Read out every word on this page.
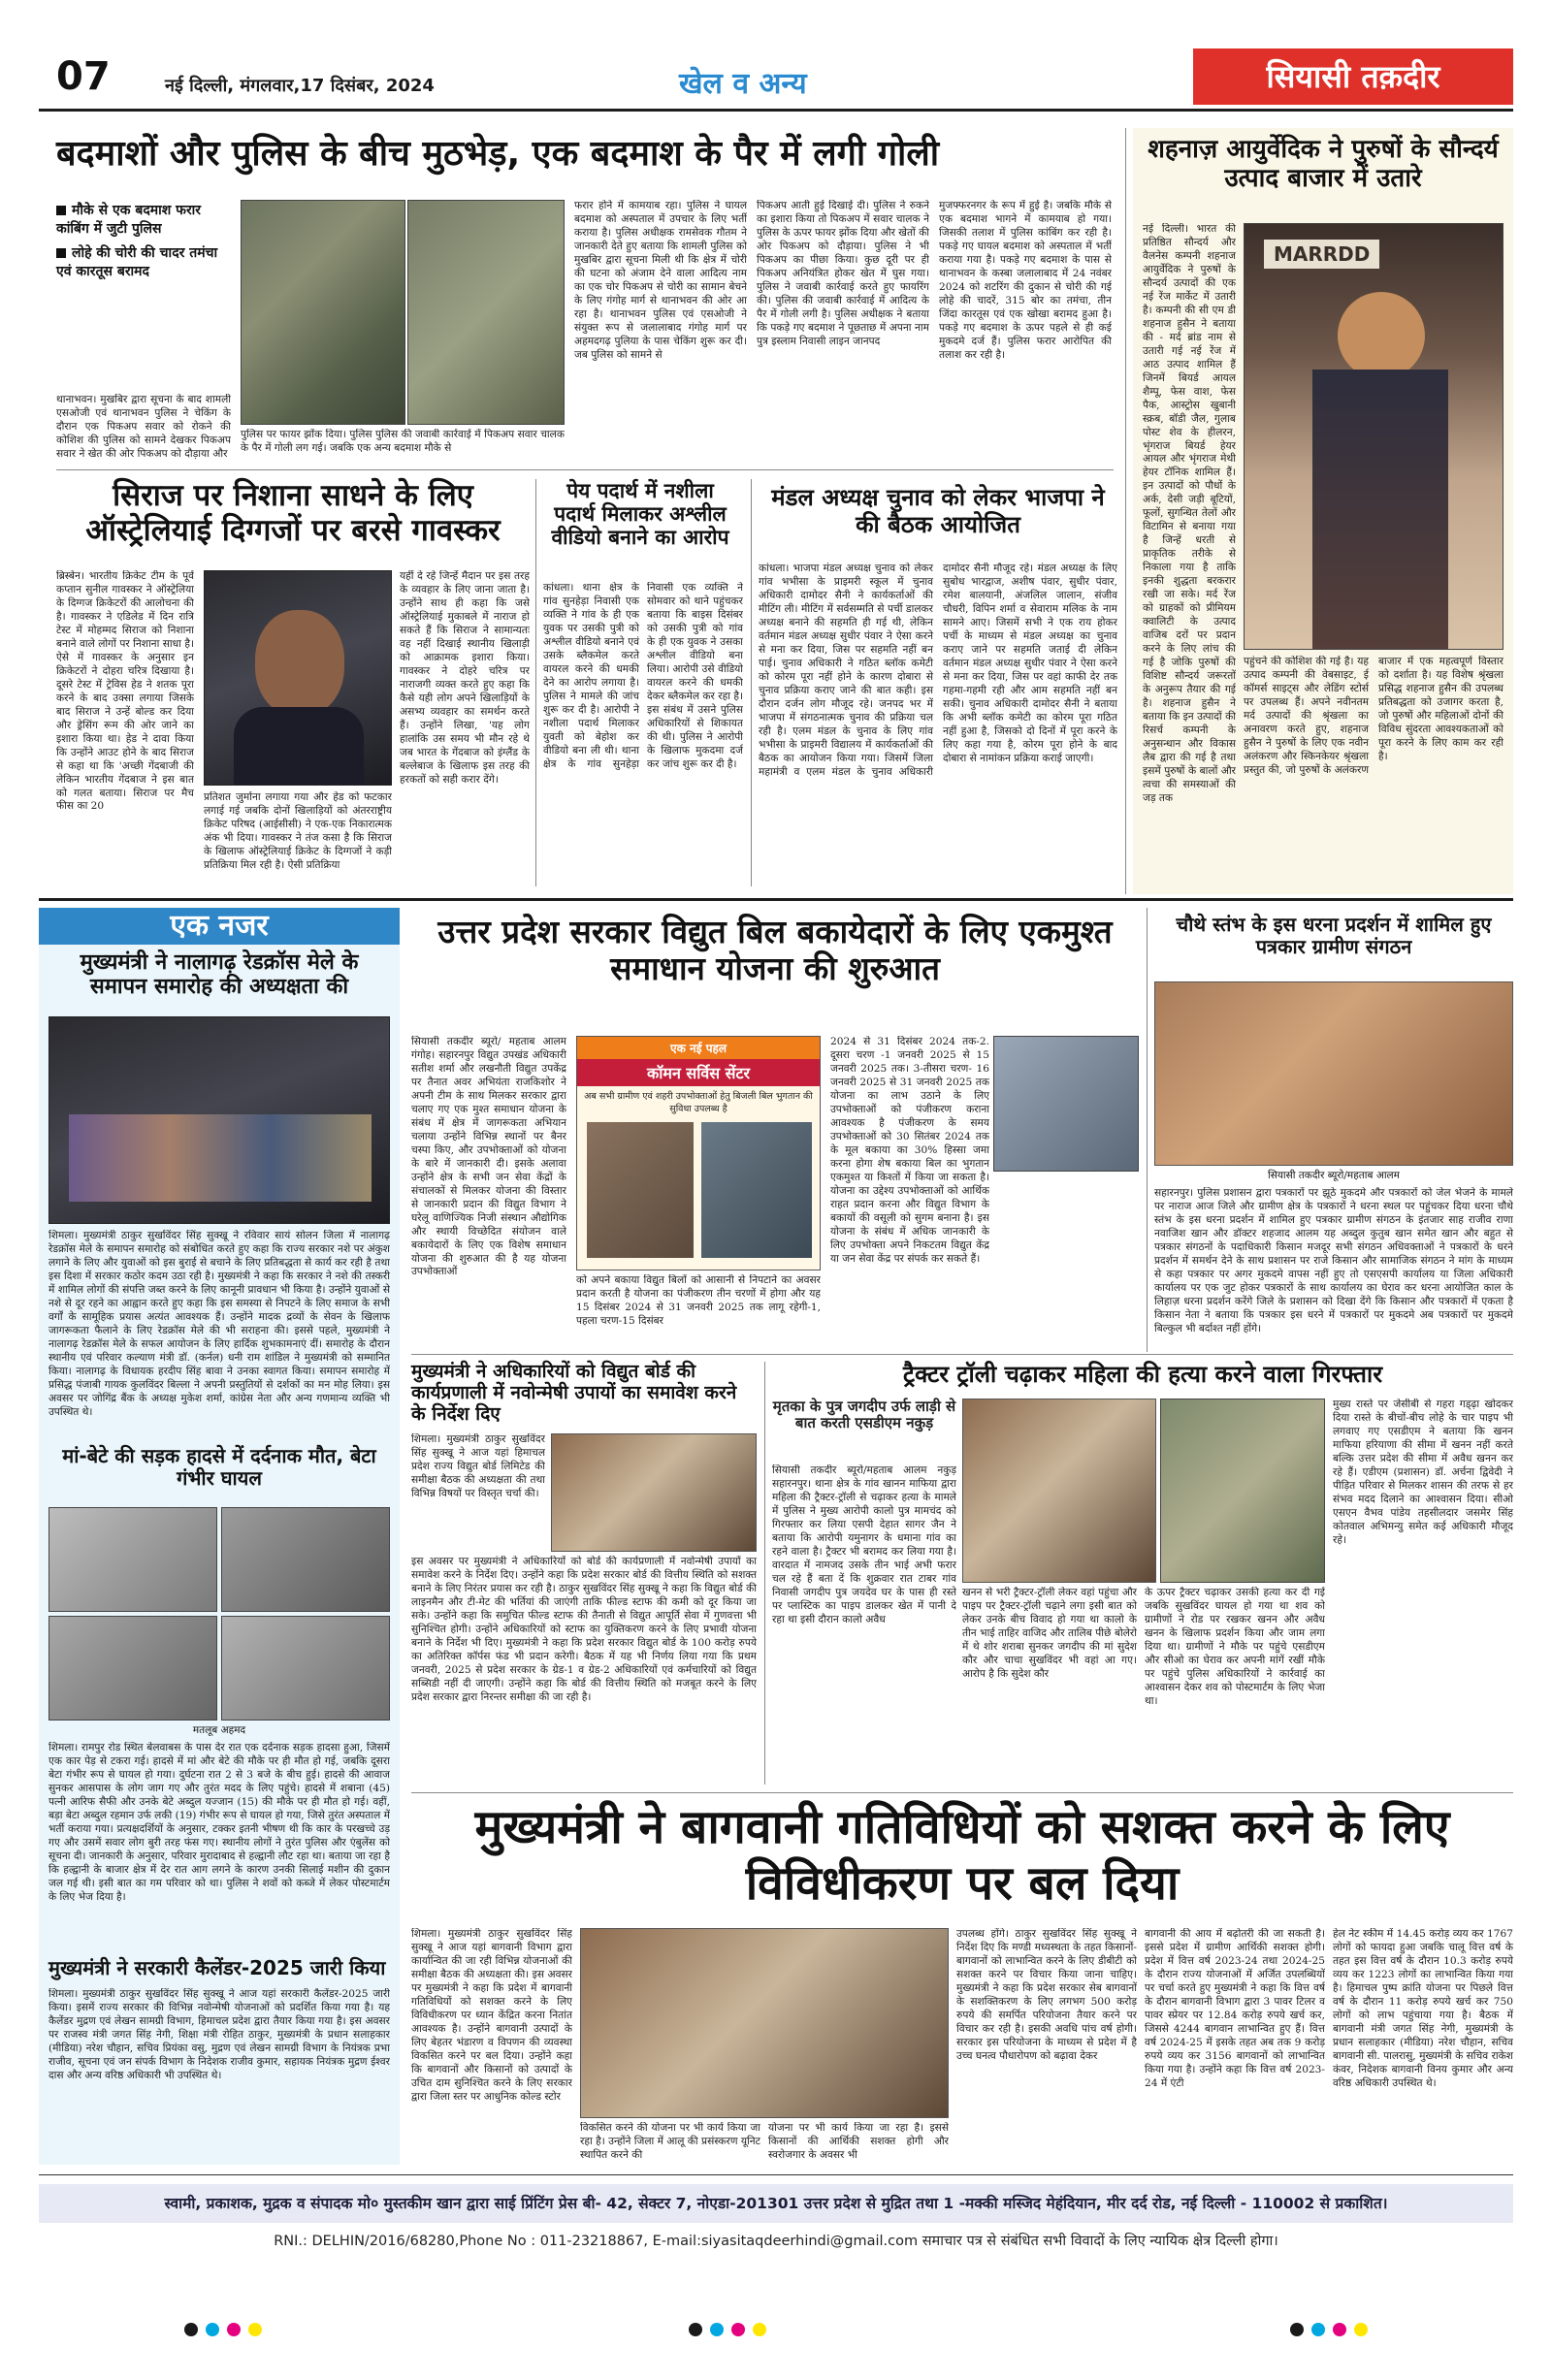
07	नई दिल्ली, मंगलवार,17 दिसंबर, 2024	खेल व अन्य	सियासी तक़दीर
बदमाशों और पुलिस के बीच मुठभेड़, एक बदमाश के पैर में लगी गोली
मौके से एक बदमाश फरार कांबिंग में जुटी पुलिस
लोहे की चोरी की चादर तमंचा एवं कारतूस बरामद
थानाभवन। मुखबिर द्वारा सूचना के बाद शामली एसओजी एवं थानाभवन पुलिस ने चेकिंग के दौरान एक पिकअप सवार को रोकने की कोशिश की पुलिस को सामने देखकर पिकअप सवार ने खेत की ओर पिकअप को दौड़ाया और
पुलिस पर फायर झोंक दिया। पुलिस पुलिस की जवाबी कार्रवाई में पिकअप सवार चालक के पैर में गोली लग गई। जबकि एक अन्य बदमाश मौके से
फरार होने में कामयाब रहा। पुलिस ने घायल बदमाश को अस्पताल में उपचार के लिए भर्ती कराया है। पुलिस अधीक्षक रामसेवक गौतम ने जानकारी देते हुए बताया कि शामली पुलिस को मुखबिर द्वारा सूचना मिली थी कि क्षेत्र में चोरी की घटना को अंजाम देने वाला आदित्य नाम का एक चोर पिकअप से चोरी का सामान बेचने के लिए गंगोह मार्ग से थानाभवन की ओर आ रहा है। थानाभवन पुलिस एवं एसओजी ने संयुक्त रूप से जलालाबाद गंगोह मार्ग पर अहमदगढ़ पुलिया के पास चेकिंग शुरू कर दी। जब पुलिस को सामने से
पिकअप आती हुई दिखाई दी। पुलिस ने रुकने का इशारा किया तो पिकअप में सवार चालक ने पुलिस के ऊपर फायर झोंक दिया और खेतों की ओर पिकअप को दौड़ाया। पुलिस ने भी पिकअप का पीछा किया। कुछ दूरी पर ही पिकअप अनियंत्रित होकर खेत में घुस गया। पुलिस ने जवाबी कार्रवाई करते हुए फायरिंग की। पुलिस की जवाबी कार्रवाई में आदित्य के पैर में गोली लगी है। पुलिस अधीक्षक ने बताया कि पकड़े गए बदमाश ने पूछताछ में अपना नाम पुत्र इस्लाम निवासी लाइन जानपद
मुजफ्फरनगर के रूप में हुई है। जबकि मौके से एक बदमाश भागने में कामयाब हो गया। जिसकी तलाश में पुलिस कांबिंग कर रही है। पकड़े गए घायल बदमाश को अस्पताल में भर्ती कराया गया है। पकड़े गए बदमाश के पास से थानाभवन के कस्बा जलालाबाद में 24 नवंबर 2024 को शटरिंग की दुकान से चोरी की गई लोहे की चादरें, 315 बोर का तमंचा, तीन जिंदा कारतूस एवं एक खोखा बरामद हुआ है। पकड़े गए बदमाश के ऊपर पहले से ही कई मुकदमे दर्ज हैं। पुलिस फरार आरोपित की तलाश कर रही है।
शहनाज़ आयुर्वेदिक ने पुरुषों के सौन्दर्य उत्पाद बाजार में उतारे
नई दिल्ली। भारत की प्रतिष्ठित सौन्दर्य और वैलनेस कम्पनी शहनाज आयुर्वेदिक ने पुरुषों के सौन्दर्य उत्पादों की एक नई रेंज मार्केट में उतारी है। कम्पनी की सी एम डी शहनाज हुसैन ने बताया की - मर्द ब्रांड नाम से उतारी गई नई रेंज में आठ उत्पाद शामिल हैं जिनमें बियर्ड आयल शैम्पू, फेस वाश, फेस पैक, आस्ट्रोस खुबानी स्क्रब, बॉडी जैल, गुलाब पोस्ट शेव के हीलरन, भृंगराज बियर्ड हेयर आयल और भृंगराज मेथी हेयर टॉनिक शामिल हैं। इन उत्पादों को पौधों के अर्क, देसी जड़ी बूटियों, फूलों, सुगन्धित तेलों और विटामिन से बनाया गया है जिन्हें धरती से प्राकृतिक तरीके से निकाला गया है ताकि इनकी शुद्धता बरकरार रखी जा सके। मर्द रेंज को ग्राहकों को प्रीमियम क्वालिटी के उत्पाद वाजिब दरों पर प्रदान करने के लिए लांच की गई है जोकि पुरुषों की विशिष्ट सौन्दर्य जरूरतों के अनुरूप तैयार की गई है। शहनाज हुसैन ने बताया कि इन उत्पादों की रिसर्च कम्पनी के अनुसन्धान और विकास लैब द्वारा की गई है तथा इसमें पुरुषों के बालों और त्वचा की समस्याओं की जड़ तक
MARRDD
पहुंचने की कोशिश की गई है। यह उत्पाद कम्पनी की वेबसाइट, ई कॉमर्स साइट्स और लेडिंग स्टोर्स पर उपलब्ध हैं। अपने नवीनतम मर्द उत्पादों की श्रृंखला का अनावरण करते हुए, शहनाज हुसैन ने पुरुषों के लिए एक नवीन अलंकरण और स्किनकेयर श्रृंखला प्रस्तुत की, जो पुरुषों के अलंकरण बाजार में एक महत्वपूर्ण विस्तार को दर्शाता है। यह विशेष श्रृंखला प्रसिद्ध शहनाज हुसैन की उपलब्ध प्रतिबद्धता को उजागर करता है, जो पुरुषों और महिलाओं दोनों की विविध सुंदरता आवश्यकताओं को पूरा करने के लिए काम कर रही है।
सिराज पर निशाना साधने के लिए ऑस्ट्रेलियाई दिग्गजों पर बरसे गावस्कर
ब्रिस्बेन। भारतीय क्रिकेट टीम के पूर्व कप्तान सुनील गावस्कर ने ऑस्ट्रेलिया के दिग्गज क्रिकेटरों की आलोचना की है। गावस्कर ने एडिलेड में दिन रात्रि टेस्ट में मोहम्मद सिराज को निशाना बनाने वाले लोगों पर निशाना साधा है। ऐसे में गावस्कर के अनुसार इन क्रिकेटरों ने दोहरा चरित्र दिखाया है। दूसरे टेस्ट में ट्रेविस हेड ने शतक पूरा करने के बाद उक्सा लगाया जिसके बाद सिराज ने उन्हें बोल्ड कर दिया और ड्रेसिंग रूम की ओर जाने का इशारा किया था। हेड ने दावा किया कि उन्होंने आउट होने के बाद सिराज से कहा था कि 'अच्छी गेंदबाजी की लेकिन भारतीय गेंदबाज ने इस बात को गलत बताया। सिराज पर मैच फीस का 20
प्रतिशत जुर्माना लगाया गया और हेड को फटकार लगाई गई जबकि दोनों खिलाड़ियों को अंतरराष्ट्रीय क्रिकेट परिषद (आईसीसी) ने एक-एक निकारात्मक अंक भी दिया। गावस्कर ने तंज कसा है कि सिराज के खिलाफ ऑस्ट्रेलियाई क्रिकेट के दिग्गजों ने कड़ी प्रतिक्रिया मिल रही है। ऐसी प्रतिक्रिया
यहीं दे रहे जिन्हें मैदान पर इस तरह के व्यवहार के लिए जाना जाता है। उन्होंने साथ ही कहा कि जसे ऑस्ट्रेलियाई मुकाबले में नाराज हो सकते हैं कि सिराज ने सामान्यतः वह नहीं दिखाई स्थानीय खिलाड़ी को आक्रामक इशारा किया। गावस्कर ने दोहरे चरित्र पर नाराजगी व्यक्त करते हुए कहा कि कैसे यही लोग अपने खिलाड़ियों के असभ्य व्यवहार का समर्थन करते हैं। उन्होंने लिखा, 'यह लोग हालांकि उस समय भी मौन रहे थे जब भारत के गेंदबाज को इंग्लैंड के बल्लेबाज के खिलाफ इस तरह की हरकतों को सही करार देंगे।
पेय पदार्थ में नशीला पदार्थ मिलाकर अश्लील वीडियो बनाने का आरोप
कांधला। थाना क्षेत्र के गांव सुनहेड़ा निवासी एक व्यक्ति ने गांव के ही एक युवक पर उसकी पुत्री को अश्लील वीडियो बनाने एवं उसके ब्लैकमेल करते वायरल करने की धमकी देने का आरोप लगाया है। पुलिस ने मामले की जांच शुरू कर दी है। आरोपी ने नशीला पदार्थ मिलाकर युवती को बेहोश कर वीडियो बना ली थी। थाना क्षेत्र के गांव सुनहेड़ा निवासी एक व्यक्ति ने सोमवार को थाने पहुंचकर बताया कि बाइस दिसंबर को उसकी पुत्री को गांव के ही एक युवक ने उसका अश्लील वीडियो बना लिया। आरोपी उसे वीडियो वायरल करने की धमकी देकर ब्लैकमेल कर रहा है। इस संबंध में उसने पुलिस अधिकारियों से शिकायत की थी। पुलिस ने आरोपी के खिलाफ मुकदमा दर्ज कर जांच शुरू कर दी है।
मंडल अध्यक्ष चुनाव को लेकर भाजपा ने की बैठक आयोजित
कांधला। भाजपा मंडल अध्यक्ष चुनाव को लेकर गांव भभीसा के प्राइमरी स्कूल में चुनाव अधिकारी दामोदर सैनी ने कार्यकर्ताओं की मीटिंग ली। मीटिंग में सर्वसम्मति से पर्ची डालकर अध्यक्ष बनाने की सहमति ही गई थी, लेकिन वर्तमान मंडल अध्यक्ष सुधीर पंवार ने ऐसा करने से मना कर दिया, जिस पर सहमति नहीं बन पाई। चुनाव अधिकारी ने गठित ब्लॉक कमेटी को कोरम पूरा नहीं होने के कारण दोबारा से चुनाव प्रक्रिया कराए जाने की बात कही। इस दौरान दर्जन लोग मौजूद रहे। जनपद भर में भाजपा में संगठनात्मक चुनाव की प्रक्रिया चल रही है। एलम मंडल के चुनाव के लिए गांव भभीसा के प्राइमरी विद्यालय में कार्यकर्ताओं की बैठक का आयोजन किया गया। जिसमें जिला महामंत्री व एलम मंडल के चुनाव अधिकारी दामोदर सैनी मौजूद रहे। मंडल अध्यक्ष के लिए सुबोध भारद्वाज, अशीष पंवार, सुधीर पंवार, रमेश बालयानी, अंजलिल जालान, संजीव चौधरी, विपिन शर्मा व सेवाराम मलिक के नाम सामने आए। जिसमें सभी ने एक राय होकर पर्ची के माध्यम से मंडल अध्यक्ष का चुनाव कराए जाने पर सहमति जताई दी लेकिन वर्तमान मंडल अध्यक्ष सुधीर पंवार ने ऐसा करने से मना कर दिया, जिस पर वहां काफी देर तक गहमा-गहमी रही और आम सहमति नहीं बन सकी। चुनाव अधिकारी दामोदर सैनी ने बताया कि अभी ब्लॉक कमेटी का कोरम पूरा गठित नहीं हुआ है, जिसको दो दिनों में पूरा करने के लिए कहा गया है, कोरम पूरा होने के बाद दोबारा से नामांकन प्रक्रिया कराई जाएगी।
एक नजर
मुख्यमंत्री ने नालागढ़ रेडक्रॉस मेले के समापन समारोह की अध्यक्षता की
शिमला। मुख्यमंत्री ठाकुर सुखविंदर सिंह सुक्खू ने रविवार सायं सोलन जिला में नालागढ़ रेडक्रॉस मेले के समापन समारोह को संबोधित करते हुए कहा कि राज्य सरकार नशे पर अंकुश लगाने के लिए और युवाओं को इस बुराई से बचाने के लिए प्रतिबद्धता से कार्य कर रही है तथा इस दिशा में सरकार कठोर कदम उठा रही है। मुख्यमंत्री ने कहा कि सरकार ने नशे की तस्करी में शामिल लोगों की संपत्ति जब्त करने के लिए कानूनी प्रावधान भी किया है। उन्होंने युवाओं से नशे से दूर रहने का आह्वान करते हुए कहा कि इस समस्या से निपटने के लिए समाज के सभी वर्गों के सामूहिक प्रयास अत्यंत आवश्यक हैं। उन्होंने मादक द्रव्यों के सेवन के खिलाफ जागरूकता फैलाने के लिए रेडक्रॉस मेले की भी सराहना की। इससे पहले, मुख्यमंत्री ने नालागढ़ रेडक्रॉस मेले के सफल आयोजन के लिए हार्दिक शुभकामनाएं दीं। समारोह के दौरान स्थानीय एवं परिवार कल्याण मंत्री डॉ. (कर्नल) धनी राम शांडिल ने मुख्यमंत्री को सम्मानित किया। नालागढ़ के विधायक हरदीप सिंह बावा ने उनका स्वागत किया। समापन समारोह में प्रसिद्ध पंजाबी गायक कुलविंदर बिल्ला ने अपनी प्रस्तुतियों से दर्शकों का मन मोह लिया। इस अवसर पर जोगिंद्र बैंक के अध्यक्ष मुकेश शर्मा, कांग्रेस नेता और अन्य गणमान्य व्यक्ति भी उपस्थित थे।
मां-बेटे की सड़क हादसे में दर्दनाक मौत, बेटा गंभीर घायल
मतलूब अहमद
शिमला। रामपुर रोड स्थित बेलवाबस के पास देर रात एक दर्दनाक सड़क हादसा हुआ, जिसमें एक कार पेड़ से टकरा गई। हादसे में मां और बेटे की मौके पर ही मौत हो गई, जबकि दूसरा बेटा गंभीर रूप से घायल हो गया। दुर्घटना रात 2 से 3 बजे के बीच हुई। हादसे की आवाज सुनकर आसपास के लोग जाग गए और तुरंत मदद के लिए पहुंचे। हादसे में शबाना (45) पत्नी आरिफ सैफी और उनके बेटे अब्दुल यज्जान (15) की मौके पर ही मौत हो गई। वहीं, बड़ा बेटा अब्दुल रहमान उर्फ लकी (19) गंभीर रूप से घायल हो गया, जिसे तुरंत अस्पताल में भर्ती कराया गया। प्रत्यक्षदर्शियों के अनुसार, टक्कर इतनी भीषण थी कि कार के परखच्चे उड़ गए और उसमें सवार लोग बुरी तरह फंस गए। स्थानीय लोगों ने तुरंत पुलिस और एंबुलेंस को सूचना दी। जानकारी के अनुसार, परिवार मुरादाबाद से हल्द्वानी लौट रहा था। बताया जा रहा है कि हल्द्वानी के बाजार क्षेत्र में देर रात आग लगने के कारण उनकी सिलाई मशीन की दुकान जल गई थी। इसी बात का गम परिवार को था। पुलिस ने शवों को कब्जे में लेकर पोस्टमार्टम के लिए भेज दिया है।
मुख्यमंत्री ने सरकारी कैलेंडर-2025 जारी किया
शिमला। मुख्यमंत्री ठाकुर सुखविंदर सिंह सुक्खू ने आज यहां सरकारी कैलेंडर-2025 जारी किया। इसमें राज्य सरकार की विभिन्न नवोन्मेषी योजनाओं को प्रदर्शित किया गया है। यह कैलेंडर मुद्रण एवं लेखन सामग्री विभाग, हिमाचल प्रदेश द्वारा तैयार किया गया है। इस अवसर पर राजस्व मंत्री जगत सिंह नेगी, शिक्षा मंत्री रोहित ठाकुर, मुख्यमंत्री के प्रधान सलाहकार (मीडिया) नरेश चौहान, सचिव प्रियंका वसु, मुद्रण एवं लेखन सामग्री विभाग के नियंत्रक प्रभा राजीव, सूचना एवं जन संपर्क विभाग के निदेशक राजीव कुमार, सहायक नियंत्रक मुद्रण ईश्वर दास और अन्य वरिष्ठ अधिकारी भी उपस्थित थे।
उत्तर प्रदेश सरकार विद्युत बिल बकायेदारों के लिए एकमुश्त समाधान योजना की शुरुआत
सियासी तकदीर ब्यूरो/ महताब आलम गंगोह। सहारनपुर विद्युत उपखंड अधिकारी सतीश शर्मा और लखनौती विद्युत उपकेंद्र पर तैनात अवर अभियंता राजकिशोर ने अपनी टीम के साथ मिलकर सरकार द्वारा चलाए गए एक मुश्त समाधान योजना के संबंध में क्षेत्र में जागरूकता अभियान चलाया उन्होंने विभिन्न स्थानों पर बैनर चस्पा किए, और उपभोक्ताओं को योजना के बारे में जानकारी दी। इसके अलावा उन्होंने क्षेत्र के सभी जन सेवा केंद्रों के संचालकों से मिलकर योजना की विस्तार से जानकारी प्रदान की विद्युत विभाग ने घरेलू वाणिज्यिक निजी संस्थान औद्योगिक और स्थायी विच्छेदित संयोजन वाले बकायेदारों के लिए एक विशेष समाधान योजना की शुरुआत की है यह योजना उपभोक्ताओं
एक नई पहल
कॉमन सर्विस सेंटर
अब सभी ग्रामीण एवं शहरी उपभोक्ताओं हेतु बिजली बिल भुगतान की सुविधा उपलब्ध है
को अपने बकाया विद्युत बिलों को आसानी से निपटाने का अवसर प्रदान करती है योजना का पंजीकरण तीन चरणों में होगा और यह 15 दिसंबर 2024 से 31 जनवरी 2025 तक लागू रहेगी-1, पहला चरण-15 दिसंबर
2024 से 31 दिसंबर 2024 तक-2. दूसरा चरण -1 जनवरी 2025 से 15 जनवरी 2025 तक। 3-तीसरा चरण- 16 जनवरी 2025 से 31 जनवरी 2025 तक योजना का लाभ उठाने के लिए उपभोक्ताओं को पंजीकरण कराना आवश्यक है पंजीकरण के समय उपभोक्ताओं को 30 सितंबर 2024 तक के मूल बकाया का 30% हिस्सा जमा करना होगा शेष बकाया बिल का भुगतान एकमुश्त या किश्तों में किया जा सकता है। योजना का उद्देश्य उपभोक्ताओं को आर्थिक राहत प्रदान करना और विद्युत विभाग के बकायों की वसूली को सुगम बनाना है। इस योजना के संबंध में अधिक जानकारी के लिए उपभोक्ता अपने निकटतम विद्युत केंद्र या जन सेवा केंद्र पर संपर्क कर सकते हैं।
चौथे स्तंभ के इस धरना प्रदर्शन में शामिल हुए पत्रकार ग्रामीण संगठन
सियासी तकदीर ब्यूरो/महताब आलम
सहारनपुर। पुलिस प्रशासन द्वारा पत्रकारों पर झूठे मुकदमे और पत्रकारों को जेल भेजने के मामले पर नाराज आज जिले और ग्रामीण क्षेत्र के पत्रकारों ने धरना स्थल पर पहुंचकर दिया धरना चौथे स्तंभ के इस धरना प्रदर्शन में शामिल हुए पत्रकार ग्रामीण संगठन के इंतजार साह राजीव राणा नवाजिश खान और डॉक्टर शहजाद आलम यह अब्दुल कुतुब खान समेत खान और बहुत से पत्रकार संगठनों के पदाधिकारी किसान मजदूर सभी संगठन अधिवक्ताओं ने पत्रकारों के धरने प्रदर्शन में समर्थन देने के साथ प्रशासन पर राजे किसान और सामाजिक संगठन ने मांग के माध्यम से कहा पत्रकार पर अगर मुकदमे वापस नहीं हुए तो एसएसपी कार्यालय या जिला अधिकारी कार्यालय पर एक जुट होकर पत्रकारों के साथ कार्यालय का घेराव कर धरना आयोजित काल के लिहाज़ धरना प्रदर्शन करेंगे जिले के प्रशासन को दिखा देंगे कि किसान और पत्रकारों में एकता है किसान नेता ने बताया कि पत्रकार इस धरने में पत्रकारों पर मुकदमे अब पत्रकारों पर मुकदमे बिल्कुल भी बर्दाश्त नहीं होंगे।
मुख्यमंत्री ने अधिकारियों को विद्युत बोर्ड की कार्यप्रणाली में नवोन्मेषी उपायों का समावेश करने के निर्देश दिए
शिमला। मुख्यमंत्री ठाकुर सुखविंदर सिंह सुक्खू ने आज यहां हिमाचल प्रदेश राज्य विद्युत बोर्ड लिमिटेड की समीक्षा बैठक की अध्यक्षता की तथा विभिन्न विषयों पर विस्तृत चर्चा की।
इस अवसर पर मुख्यमंत्री ने अधिकारियों को बोर्ड की कार्यप्रणाली में नवोन्मेषी उपायों का समावेश करने के निर्देश दिए। उन्होंने कहा कि प्रदेश सरकार बोर्ड की वित्तीय स्थिति को सशक्त बनाने के लिए निरंतर प्रयास कर रही है। ठाकुर सुखविंदर सिंह सुक्खू ने कहा कि विद्युत बोर्ड की लाइनमैन और टी-मेट की भर्तियां की जाएंगी ताकि फील्ड स्टाफ की कमी को दूर किया जा सके। उन्होंने कहा कि समुचित फील्ड स्टाफ की तैनाती से विद्युत आपूर्ति सेवा में गुणवत्ता भी सुनिश्चित होगी। उन्होंने अधिकारियों को स्टाफ का युक्तिकरण करने के लिए प्रभावी योजना बनाने के निर्देश भी दिए। मुख्यमंत्री ने कहा कि प्रदेश सरकार विद्युत बोर्ड के 100 करोड़ रुपये का अतिरिक्त कॉर्पस फंड भी प्रदान करेगी। बैठक में यह भी निर्णय लिया गया कि प्रथम जनवरी, 2025 से प्रदेश सरकार के ग्रेड-1 व ग्रेड-2 अधिकारियों एवं कर्मचारियों को विद्युत सब्सिडी नहीं दी जाएगी। उन्होंने कहा कि बोर्ड की वित्तीय स्थिति को मजबूत करने के लिए प्रदेश सरकार द्वारा निरन्तर समीक्षा की जा रही है।
ट्रैक्टर ट्रॉली चढ़ाकर महिला की हत्या करने वाला गिरफ्तार
मृतका के पुत्र जगदीप उर्फ लाड़ी से बात करती एसडीएम नकुड़
सियासी तकदीर ब्यूरो/महताब आलम नकुड़ सहारनपुर। थाना क्षेत्र के गांव खानन माफिया द्वारा महिला की ट्रैक्टर-ट्रॉली से चढ़ाकर हत्या के मामले में पुलिस ने मुख्य आरोपी कालो पुत्र मामचंद को गिरफ्तार कर लिया एसपी देहात सागर जैन ने बताया कि आरोपी यमुनागर के धमाना गांव का रहने वाला है। ट्रैक्टर भी बरामद कर लिया गया है। वारदात में नामजद उसके तीन भाई अभी फरार चल रहे हैं बता दें कि शुक्रवार रात टाबर गांव निवासी जगदीप पुत्र जयदेव घर के पास ही रस्ते पर प्लास्टिक का पाइप डालकर खेत में पानी दे रहा था इसी दौरान कालो अवैध
खनन से भरी ट्रैक्टर-ट्रॉली लेकर वहां पहुंचा और पाइप पर ट्रैक्टर-ट्रॉली चढ़ाने लगा इसी बात को लेकर उनके बीच विवाद हो गया था कालो के तीन भाई ताहिर वाजिद और तालिब पीछे बोलेरो में थे शोर शराबा सुनकर जगदीप की मां सुदेश कौर और चाचा सुखविंदर भी वहां आ गए। आरोप है कि सुदेश कौर
के ऊपर ट्रैक्टर चढ़ाकर उसकी हत्या कर दी गई जबकि सुखविंदर घायल हो गया था शव को ग्रामीणों ने रोड पर रखकर खनन और अवैध खनन के खिलाफ प्रदर्शन किया और जाम लगा दिया था। ग्रामीणों ने मौके पर पहुंचे एसडीएम और सीओ का घेराव कर अपनी मांगें रखीं मौके पर पहुंचे पुलिस अधिकारियों ने कार्रवाई का आश्वासन देकर शव को पोस्टमार्टम के लिए भेजा था।
मुख्य रास्ते पर जेसीबी से गहरा गड्ढ़ा खोदकर दिया रास्ते के बीचों-बीच लोहे के चार पाइप भी लगवाए गए एसडीएम ने बताया कि खनन माफिया हरियाणा की सीमा में खनन नहीं करते बल्कि उत्तर प्रदेश की सीमा में अवैध खनन कर रहे हैं। एडीएम (प्रशासन) डॉ. अर्चना द्विवेदी ने पीड़ित परिवार से मिलकर शासन की तरफ से हर संभव मदद दिलाने का आश्वासन दिया। सीओ एसएन वैभव पांडेय तहसीलदार जसमेर सिंह कोतवाल अभिमन्यु समेत कई अधिकारी मौजूद रहे।
मुख्यमंत्री ने बागवानी गतिविधियों को सशक्त करने के लिए विविधीकरण पर बल दिया
शिमला। मुख्यमंत्री ठाकुर सुखविंदर सिंह सुक्खू ने आज यहां बागवानी विभाग द्वारा कार्यान्वित की जा रही विभिन्न योजनाओं की समीक्षा बैठक की अध्यक्षता की। इस अवसर पर मुख्यमंत्री ने कहा कि प्रदेश में बागवानी गतिविधियों को सशक्त करने के लिए विविधीकरण पर ध्यान केंद्रित करना नितांत आवश्यक है। उन्होंने बागवानी उत्पादों के लिए बेहतर भंडारण व विपणन की व्यवस्था विकसित करने पर बल दिया। उन्होंने कहा कि बागवानों और किसानों को उत्पादों के उचित दाम सुनिश्चित करने के लिए सरकार द्वारा जिला स्तर पर आधुनिक कोल्ड स्टोर
विकसित करने की योजना पर भी कार्य किया जा रहा है। उन्होंने जिला में आलू की प्रसंस्करण यूनिट स्थापित करने की
योजना पर भी कार्य किया जा रहा है। इससे किसानों की आर्थिकी सशक्त होगी और स्वरोजगार के अवसर भी
उपलब्ध होंगे। ठाकुर सुखविंदर सिंह सुक्खू ने निर्देश दिए कि मण्डी मध्यस्थता के तहत किसानों-बागवानों को लाभान्वित करने के लिए डीबीटी को सशक्त करने पर विचार किया जाना चाहिए। मुख्यमंत्री ने कहा कि प्रदेश सरकार सेब बागवानों के सशक्तिकरण के लिए लगभग 500 करोड़ रुपये की समर्पित परियोजना तैयार करने पर विचार कर रही है। इसकी अवधि पांच वर्ष होगी। सरकार इस परियोजना के माध्यम से प्रदेश में है उच्च घनत्व पौधारोपण को बढ़ावा देकर
बागवानी की आय में बढ़ोतरी की जा सकती है। इससे प्रदेश में ग्रामीण आर्थिकी सशक्त होगी। प्रदेश में वित्त वर्ष 2023-24 तथा 2024-25 के दौरान राज्य योजनाओं में अर्जित उपलब्धियों पर चर्चा करते हुए मुख्यमंत्री ने कहा कि वित्त वर्ष के दौरान बागवानी विभाग द्वारा 3 पावर टिलर व पावर स्प्रेयर पर 12.84 करोड़ रुपये खर्च कर, जिससे 4244 बागवान लाभान्वित हुए हैं। वित्त वर्ष 2024-25 में इसके तहत अब तक 9 करोड़ रुपये व्यय कर 3156 बागवानों को लाभान्वित किया गया है। उन्होंने कहा कि वित्त वर्ष 2023-24 में एंटी
हेल नेट स्कीम में 14.45 करोड़ व्यय कर 1767 लोगों को फायदा हुआ जबकि चालू वित्त वर्ष के तहत इस वित्त वर्ष के दौरान 10.3 करोड़ रुपये व्यय कर 1223 लोगों का लाभान्वित किया गया है। हिमाचल पुष्प क्रांति योजना पर पिछले वित्त वर्ष के दौरान 11 करोड़ रुपये खर्च कर 750 लोगों को लाभ पहुंचाया गया है। बैठक में बागवानी मंत्री जगत सिंह नेगी, मुख्यमंत्री के प्रधान सलाहकार (मीडिया) नरेश चौहान, सचिव बागवानी सी. पालरासु, मुख्यमंत्री के सचिव राकेश कंवर, निदेशक बागवानी विनय कुमार और अन्य वरिष्ठ अधिकारी उपस्थित थे।
स्वामी, प्रकाशक, मुद्रक व संपादक मो० मुस्तकीम खान द्वारा साई प्रिंटिंग प्रेस बी- 42, सेक्टर 7, नोएडा-201301 उत्तर प्रदेश से मुद्रित तथा 1 -मक्की मस्जिद मेहंदियान, मीर दर्द रोड, नई दिल्ली - 110002 से प्रकाशित।
RNI.: DELHIN/2016/68280,Phone No : 011-23218867, E-mail:siyasitaqdeerhindi@gmail.com समाचार पत्र से संबंधित सभी विवादों के लिए न्यायिक क्षेत्र दिल्ली होगा।
